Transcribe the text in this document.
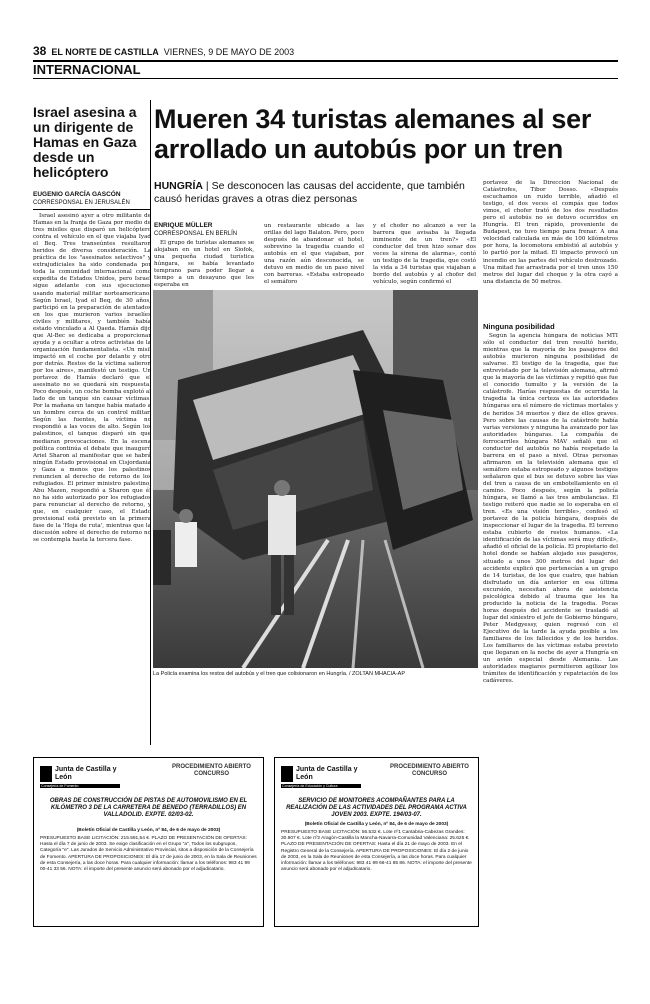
38 EL NORTE DE CASTILLA VIERNES, 9 DE MAYO DE 2003
INTERNACIONAL
Israel asesina a un dirigente de Hamas en Gaza desde un helicóptero
EUGENIO GARCÍA GASCÓN
CORRESPONSAL EN JERUSALÉN

Israel asesinó ayer a otro militante de Hamas en la franja de Gaza por medio de tres misiles que disparó un helicóptero contra el vehículo en el que viajaba Iyad el Beq. Tres transeúntes resultaron heridos de diversa consideración. La práctica de los "asesinatos selectivos" y extrajudiciales ha sido condenada por toda la comunidad internacional como expedita de Estados Unidos, pero Israel sigue adelante con sus ejecuciones usando material militar norteamericano. Según Israel, Iyad el Beq, de 30 años, participó en la preparación de atentados en los que murieron varios israelíes civiles y militares, y también había estado vinculado a Al Qaeda. Hamás dijo que Al-Bec se dedicaba a proporcionar ayuda y a ocultar a otros activistas de la organización fundamentalista. «Un misil impactó en el coche por delante y otro por detrás. Restos de la víctima salieron por los aires», manifestó un testigo. Un portavoz de Hamás declaró que el asesinato no se quedará sin respuesta. Poco después, un coche bomba explotó al lado de un tanque sin causar víctimas. Por la mañana un tanque había matado a un hombre cerca de un control militar. Según las fuentes, la víctima no respondió a las voces de alto. Según los palestinos, el tanque disparó sin que mediaran provocaciones. En la escena política continúa el debate que inauguró Ariel Sharon al manifestar que se habrá ningún Estado provisional en Cisjordania y Gaza a menos que los palestinos renuncien al derecho de retorno de los refugiados. El primer ministro palestino, Abu Mazen, respondió a Sharon que él no ha sido autorizado por los refugiados para renunciar al derecho de retorno, y que, en cualquier caso, el Estado provisional está previsto en la primera fase de la 'Hoja de ruta', mientras que la discusión sobre el derecho de retorno no se contempla hasta la tercera fase.

Mueren 34 turistas alemanes al ser arrollado un autobús por un tren
HUNGRÍA | Se desconocen las causas del accidente, que también causó heridas graves a otras diez personas
ENRIQUE MÜLLER
CORRESPONSAL EN BERLÍN

El grupo de turistas alemanes se alojaban en un hotel en Siofok, una pequeña ciudad turística húngara, se había levantado temprano para poder llegar a tiempo a un desayuno que les esperaba en

un restaurante ubicado a las orillas del lago Balaton. Pero, poco después de abandonar el hotel, sobrevino la tragedia cuando el autobús en el que viajaban, por una razón aún desconocida, se detuvo en medio de un paso nivel con barreras. «Estaba estropeado el semáforo

y el chofer no alcanzó a ver la barrera que avisaba la llegada inminente de un tren?» «El conductor del tren hizo sonar dos veces la sirena de alarma», contó un testigo de la tragedia, que costó la vida a 34 turistas que viajaban a bordo del autobús y al chofer del vehículo, según confirmó el

La Policía examina los restos del autobús y el tren que colisionaron en Hungría. / ZOLTAN MHACIA-AP

portavoz de la Dirección Nacional de Catástrofes, Tibor Dosso. «Después escuchamos un ruido terrible, añadió el testigo, el dos veces el compás que todos vimos, el chofer trató de los dos resultados pero el autobús no se detuvo ocurridos en Hungría. El tren rápido, proveniente de Budapest, no tuvo tiempo para frenar. A una velocidad calculada en más de 100 kilómetros por hora, la locomotora embistió al autobús y lo partió por la mitad. El impacto provocó un incendio en las partes del vehículo destrozado. Una mitad fue arrastrada por el tren unos 150 metros del lugar del choque y la otra cayó a una distancia de 50 metros.

Ninguna posibilidad

Según la agencia húngara de noticias MTI sólo el conductor del tren resultó herido, mientras que la mayoría de los pasajeros del autobús murieron ninguna posibilidad de salvarse. El testigo de la tragedia, que fue entrevistado por la televisión alemana, afirmó que la mayoría de las víctimas y repitió que fue el conocido tumulto y la versión de la catástrofe. Harías respuestas de ocurrida la tragedia la única certeza es las autoridades húngaras era el número de víctimas mortales y de heridos 34 muertos y diez de ellos graves. Pero sobre las causas de la catástrofe había varias versiones y ninguna ha avanzado por las autoridades húngaras. La compañía de ferrocarriles húngara MAV señaló que el conductor del autobús no había respetado la barrera en el paso a nivel. Otras personas afirmaron en la televisión alemana que el semáforo estaba estropeado y algunos testigos señalaron que el bus se detuvo sobre las vías del tren a causa de un embotellamiento en el camino. Poco después, según la policía húngara, se llamó a las tres ambulancias. El testigo reiteró que nadie se lo esperaba en el tren. «Es una visión terrible», confesó el portavoz de la policía húngara, después de inspeccionar el lugar de la tragedia. El terreno estaba cubierto de restos humanos. «La identificación de las víctimas será muy difícil», añadió el oficial de la policía. El propietario del hotel donde se habían alojado sus pasajeros, situado a unos 300 metros del lugar del accidente explicó que pertenecían a un grupo de 14 turistas, de los que cuatro, que habían disfrutado un día anterior en esa última excursión, necesitan ahora de asistencia psicológica debido al trauma que les ha producido la noticia de la tragedia. Pocas horas después del accidente se trasladó al lugar del siniestro el jefe de Gobierno húngaro, Peter Medgyessy, quien regresó con el Ejecutivo de la tarde la ayuda posible a los familiares de los fallecidos y de los heridos. Los familiares de las víctimas estaba previsto que llegaran en la noche de ayer a Hungría en un avión especial desde Alemania. Las autoridades magiares permitieron agilizar los trámites de identificación y repatriación de los cadáveres.

Junta de Castilla y León
Consejería de Fomento
PROCEDIMIENTO ABIERTO CONCURSO
OBRAS DE CONSTRUCCIÓN DE PISTAS DE AUTOMOVILISMO EN EL KILÓMETRO 3 DE LA CARRETERA DE BENEDO (TERRADILLOS) EN VALLADOLID. EXPTE. 02/03-02.
(Boletín Oficial de Castilla y León, nº 84, de 6 de mayo de 2003)
PRESUPUESTO BASE LICITACIÓN: 215.591,54 €. PLAZO DE PRESENTACIÓN DE OFERTAS: Hasta el día 7 de junio de 2003. Se exige clasificación en el Grupo "a", Todos los subgrupos, Categoría "e". Las Jurados de Servicio Administrativo Provincial, sitos a disposición de la Consejería de Fomento. APERTURA DE PROPOSICIONES: El día 17 de junio de 2003, en la Sala de Reuniones de esta Consejería, a las doce horas. Para cualquier información: llamar a los teléfonos: 983 41 99 00-41 33 56. NOTA: el importe del presente anuncio será abonado por el adjudicatario.
Junta de Castilla y León
Consejería de Educación y Cultura
PROCEDIMIENTO ABIERTO CONCURSO
SERVICIO DE MONITORES ACOMPAÑANTES PARA LA REALIZACIÓN DE LAS ACTIVIDADES DEL PROGRAMA ACTIVA JOVEN 2003. EXPTE. 194/03-07.
(Boletín Oficial de Castilla y León, nº 84, de 6 de mayo de 2003)
PRESUPUESTO BASE LICITACIÓN: 56.532 €. Lote nº1 Cantabria-Cabezas Grandes: 30.907 €. Lote nº2 Aragón-Castilla la Mancha-Navarra-Comunidad Valenciana: 25.625 €. PLAZO DE PRESENTACIÓN DE OFERTAS: Hasta el día 21 de mayo de 2003. En el Registro General de la Consejería. APERTURA DE PROPOSICIONES: El día 2 de junio de 2003, en la Sala de Reuniones de esta Consejería, a las doce horas. Para cualquier información: llamar a los teléfonos: 983 41 99 66-41 85 86. NOTA: el importe del presente anuncio será abonado por el adjudicatario.
